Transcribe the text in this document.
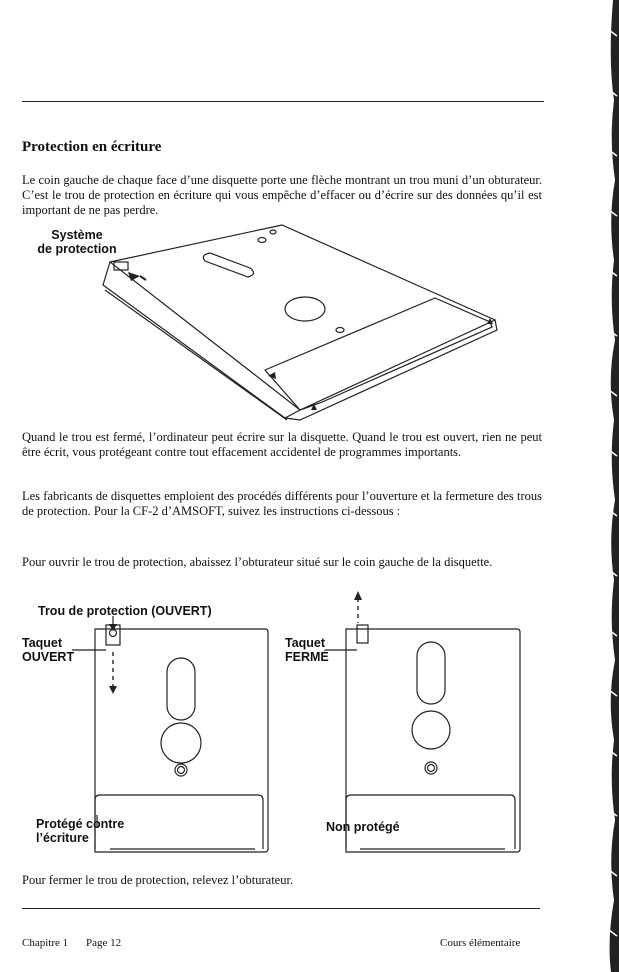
Protection en écriture
Le coin gauche de chaque face d’une disquette porte une flèche montrant un trou muni d’un obturateur. C’est le trou de protection en écriture qui vous empêche d’effacer ou d’écrire sur des données qu’il est important de ne pas perdre.
Système
de protection
Quand le trou est fermé, l’ordinateur peut écrire sur la disquette. Quand le trou est ouvert, rien ne peut être écrit, vous protégeant contre tout effacement accidentel de programmes importants.
Les fabricants de disquettes emploient des procédés différents pour l’ouverture et la fermeture des trous de protection. Pour la CF-2 d’AMSOFT, suivez les instructions ci-dessous :
Pour ouvrir le trou de protection, abaissez l’obturateur situé sur le coin gauche de la disquette.
Trou de protection (OUVERT)
Taquet
OUVERT
Protégé contre
l’écriture
Taquet
FERMÉ
Non protégé
Pour fermer le trou de protection, relevez l’obturateur.
Chapitre 1 Page 12	Cours élémentaire
